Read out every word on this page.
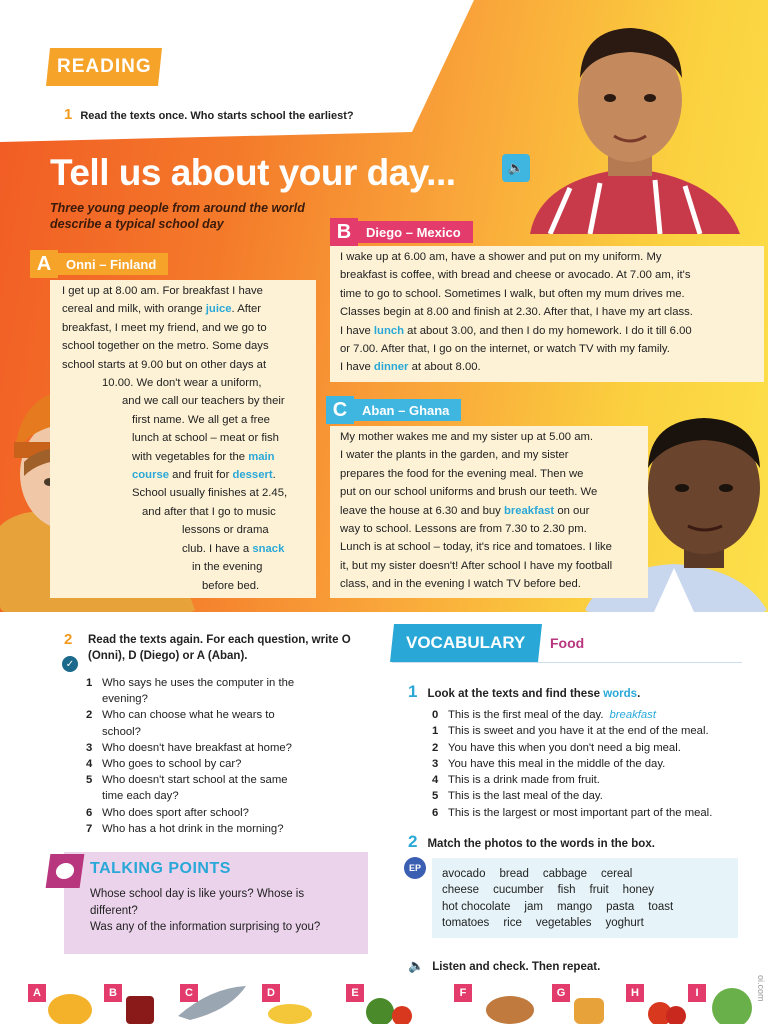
READING
1 Read the texts once. Who starts school the earliest?
Tell us about your day...	🔈
Three young people from around the world describe a typical school day
A	Onni – Finland
I get up at 8.00 am. For breakfast I have
cereal and milk, with orange juice. After
breakfast, I meet my friend, and we go to
school together on the metro. Some days
school starts at 9.00 but on other days at
10.00. We don't wear a uniform,
and we call our teachers by their
first name. We all get a free
lunch at school – meat or fish
with vegetables for the main
course and fruit for dessert.
School usually finishes at 2.45,
and after that I go to music
lessons or drama
club. I have a snack
in the evening
before bed.
B	Diego – Mexico
I wake up at 6.00 am, have a shower and put on my uniform. My
breakfast is coffee, with bread and cheese or avocado. At 7.00 am, it's
time to go to school. Sometimes I walk, but often my mum drives me.
Classes begin at 8.00 and finish at 2.30. After that, I have my art class.
I have lunch at about 3.00, and then I do my homework. I do it till 6.00
or 7.00. After that, I go on the internet, or watch TV with my family.
I have dinner at about 8.00.
C	Aban – Ghana
My mother wakes me and my sister up at 5.00 am.
I water the plants in the garden, and my sister
prepares the food for the evening meal. Then we
put on our school uniforms and brush our teeth. We
leave the house at 6.30 and buy breakfast on our
way to school. Lessons are from 7.30 to 2.30 pm.
Lunch is at school – today, it's rice and tomatoes. I like
it, but my sister doesn't! After school I have my football
class, and in the evening I watch TV before bed.
2 Read the texts again. For each question, write O (Onni), D (Diego) or A (Aban).
✓
1 Who says he uses the computer in the
evening?
2 Who can choose what he wears to
school?
3 Who doesn't have breakfast at home?
4 Who goes to school by car?
5 Who doesn't start school at the same
time each day?
6 Who does sport after school?
7 Who has a hot drink in the morning?
TALKING POINTS
Whose school day is like yours? Whose is
different?
Was any of the information surprising to you?
VOCABULARY Food
1 Look at the texts and find these words.
0 This is the first meal of the day. breakfast
1 This is sweet and you have it at the end of the meal.
2 You have this when you don't need a big meal.
3 You have this meal in the middle of the day.
4 This is a drink made from fruit.
5 This is the last meal of the day.
6 This is the largest or most important part of the meal.
2 Match the photos to the words in the box.
EP	avocado bread cabbage cereal
cheese cucumber fish fruit honey
hot chocolate jam mango pasta toast
tomatoes rice vegetables yoghurt
🔈 Listen and check. Then repeat.
A	B	C	D	E	F	G	H	I	oi.com
